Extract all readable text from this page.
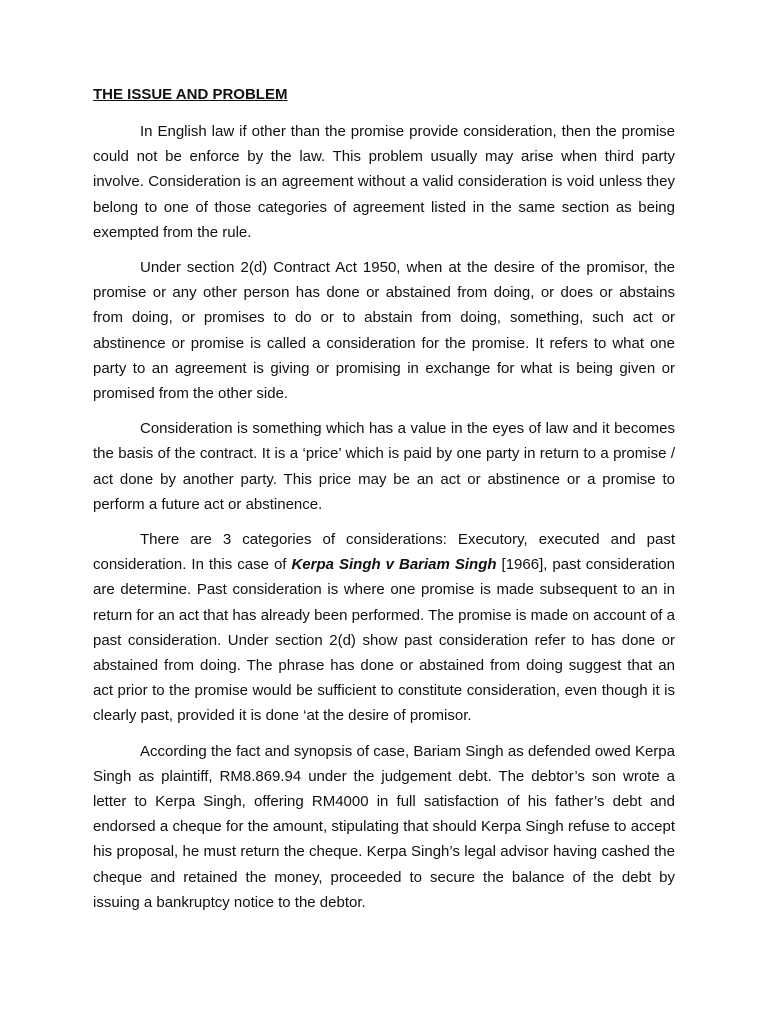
THE ISSUE AND PROBLEM

In English law if other than the promise provide consideration, then the promise could not be enforce by the law. This problem usually may arise when third party involve. Consideration is an agreement without a valid consideration is void unless they belong to one of those categories of agreement listed in the same section as being exempted from the rule.

Under section 2(d) Contract Act 1950, when at the desire of the promisor, the promise or any other person has done or abstained from doing, or does or abstains from doing, or promises to do or to abstain from doing, something, such act or abstinence or promise is called a consideration for the promise. It refers to what one party to an agreement is giving or promising in exchange for what is being given or promised from the other side.

Consideration is something which has a value in the eyes of law and it becomes the basis of the contract. It is a ‘price’ which is paid by one party in return to a promise / act done by another party. This price may be an act or abstinence or a promise to perform a future act or abstinence.

There are 3 categories of considerations: Executory, executed and past consideration. In this case of Kerpa Singh v Bariam Singh [1966], past consideration are determine. Past consideration is where one promise is made subsequent to an in return for an act that has already been performed. The promise is made on account of a past consideration. Under section 2(d) show past consideration refer to has done or abstained from doing. The phrase has done or abstained from doing suggest that an act prior to the promise would be sufficient to constitute consideration, even though it is clearly past, provided it is done ‘at the desire of promisor.

According the fact and synopsis of case, Bariam Singh as defended owed Kerpa Singh as plaintiff, RM8.869.94 under the judgement debt. The debtor’s son wrote a letter to Kerpa Singh, offering RM4000 in full satisfaction of his father’s debt and endorsed a cheque for the amount, stipulating that should Kerpa Singh refuse to accept his proposal, he must return the cheque. Kerpa Singh’s legal advisor having cashed the cheque and retained the money, proceeded to secure the balance of the debt by issuing a bankruptcy notice to the debtor.
